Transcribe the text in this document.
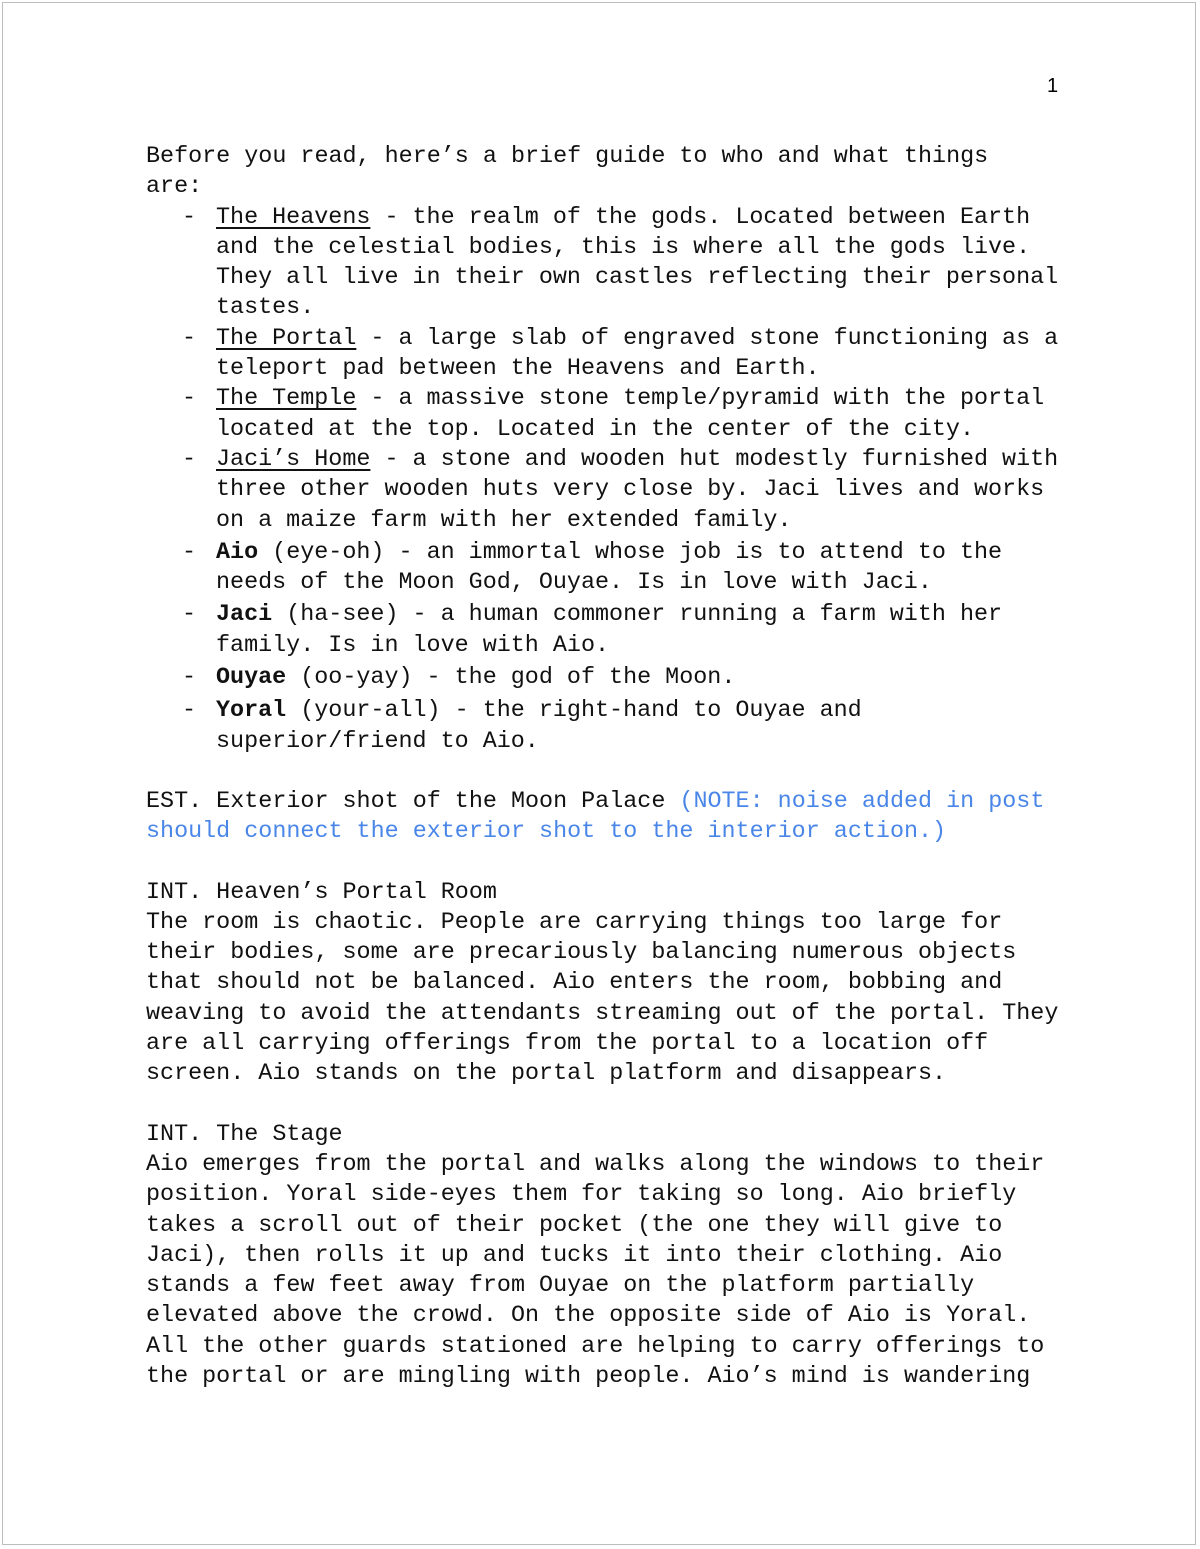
1

Before you read, here’s a brief guide to who and what things are:

- The Heavens - the realm of the gods. Located between Earth and the celestial bodies, this is where all the gods live. They all live in their own castles reflecting their personal tastes.
- The Portal - a large slab of engraved stone functioning as a teleport pad between the Heavens and Earth.
- The Temple - a massive stone temple/pyramid with the portal located at the top. Located in the center of the city.
- Jaci’s Home - a stone and wooden hut modestly furnished with three other wooden huts very close by. Jaci lives and works on a maize farm with her extended family.
- Aio (eye-oh) - an immortal whose job is to attend to the needs of the Moon God, Ouyae. Is in love with Jaci.
- Jaci (ha-see) - a human commoner running a farm with her family. Is in love with Aio.
- Ouyae (oo-yay) - the god of the Moon.
- Yoral (your-all) - the right-hand to Ouyae and superior/friend to Aio.

EST. Exterior shot of the Moon Palace (NOTE: noise added in post should connect the exterior shot to the interior action.)

INT. Heaven’s Portal Room

The room is chaotic. People are carrying things too large for their bodies, some are precariously balancing numerous objects that should not be balanced. Aio enters the room, bobbing and weaving to avoid the attendants streaming out of the portal. They are all carrying offerings from the portal to a location off screen. Aio stands on the portal platform and disappears.

INT. The Stage

Aio emerges from the portal and walks along the windows to their position. Yoral side-eyes them for taking so long. Aio briefly takes a scroll out of their pocket (the one they will give to Jaci), then rolls it up and tucks it into their clothing. Aio stands a few feet away from Ouyae on the platform partially elevated above the crowd. On the opposite side of Aio is Yoral. All the other guards stationed are helping to carry offerings to the portal or are mingling with people. Aio’s mind is wandering
